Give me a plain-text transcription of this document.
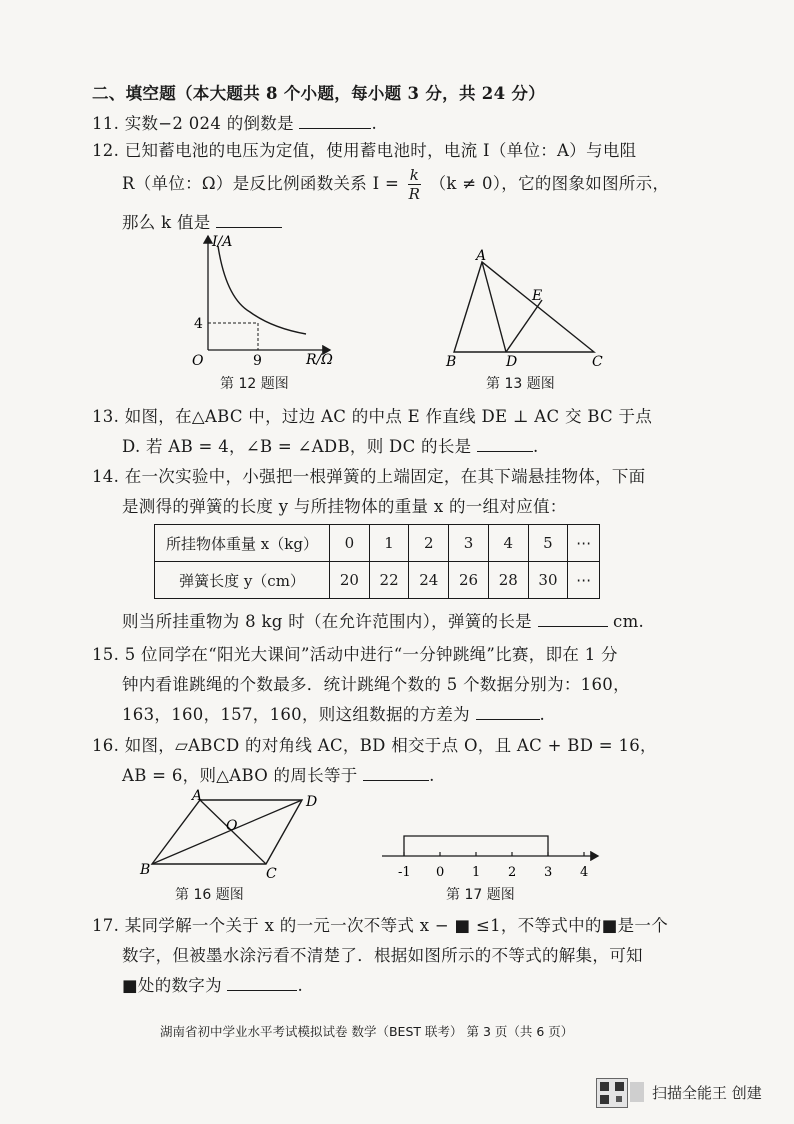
二、填空题（本大题共 8 个小题，每小题 3 分，共 24 分）
11. 实数−2 024 的倒数是	.
12. 已知蓄电池的电压为定值，使用蓄电池时，电流 I（单位：A）与电阻
R（单位：Ω）是反比例函数关系 $I = \frac{k}{R} (k \ne 0)$，它的图象如图所示，
那么 k 值是
I/A
R/Ω
O
4
9
第 12 题图
A
B	C
D
E
第 13 题图
13. 如图，在△ABC 中，过边 AC 的中点 E 作直线 DE ⊥ AC 交 BC 于点
D. 若 AB = 4，∠B = ∠ADB，则 DC 的长是	.
14. 在一次实验中，小强把一根弹簧的上端固定，在其下端悬挂物体，下面
是测得的弹簧的长度 y 与所挂物体的重量 x 的一组对应值：
所挂物体重量 x（kg）	0	1	2	3	4	5	⋯
弹簧长度 y（cm）	20	22	24	26	28	30	⋯
则当所挂重物为 8 kg 时（在允许范围内），弹簧的长是	cm.
15. 5 位同学在“阳光大课间”活动中进行“一分钟跳绳”比赛，即在 1 分
钟内看谁跳绳的个数最多．统计跳绳个数的 5 个数据分别为：160，
163，160，157，160，则这组数据的方差为	.
16. 如图，▱ABCD 的对角线 AC，BD 相交于点 O，且 AC + BD = 16，
AB = 6，则△ABO 的周长等于	.
A	D
B	C
O
第 16 题图
-1 0 1 2 3 4
第 17 题图
17. 某同学解一个关于 x 的一元一次不等式 x − ■ ≤1，不等式中的■是一个
数字，但被墨水涂污看不清楚了．根据如图所示的不等式的解集，可知
■处的数字为	.
湖南省初中学业水平考试模拟试卷 数学（BEST 联考） 第 3 页（共 6 页）
扫描全能王 创建
